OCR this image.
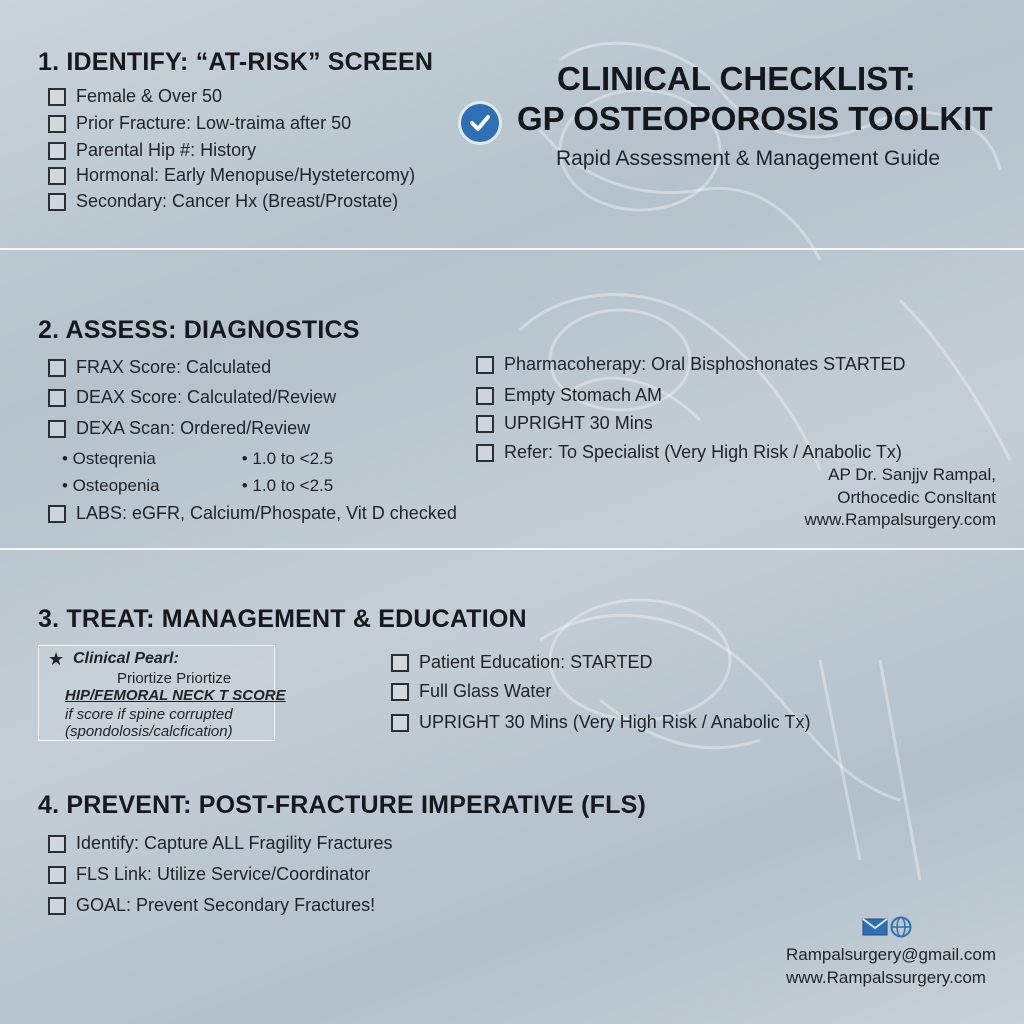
CLINICAL CHECKLIST:
GP OSTEOPOROSIS TOOLKIT
Rapid Assessment & Management Guide
1. IDENTIFY: “AT-RISK” SCREEN
Female & Over 50
Prior Fracture: Low-traima after 50
Parental Hip #: History
Hormonal: Early Menopuse/Hystetercomy)
Secondary: Cancer Hx (Breast/Prostate)
2. ASSESS: DIAGNOSTICS
FRAX Score: Calculated
DEAX Score: Calculated/Review
DEXA Scan: Ordered/Review
• Osteqrenia	• 1.0 to <2.5
• Osteopenia	• 1.0 to <2.5
LABS: eGFR, Calcium/Phospate, Vit D checked
Pharmacoherapy: Oral Bisphoshonates STARTED
Empty Stomach AM
UPRIGHT 30 Mins
Refer: To Specialist (Very High Risk / Anabolic Tx)
AP Dr. Sanjjv Rampal,
Orthocedic Consltant
www.Rampalsurgery.com
3. TREAT: MANAGEMENT & EDUCATION
★ Clinical Pearl:
Priortize Priortize
HIP/FEMORAL NECK T SCORE
if score if spine corrupted
(spondolosis/calcfication)
Patient Education: STARTED
Full Glass Water
UPRIGHT 30 Mins (Very High Risk / Anabolic Tx)
4. PREVENT: POST-FRACTURE IMPERATIVE (FLS)
Identify: Capture ALL Fragility Fractures
FLS Link: Utilize Service/Coordinator
GOAL: Prevent Secondary Fractures!
Rampalsurgery@gmail.com
www.Rampalssurgery.com
